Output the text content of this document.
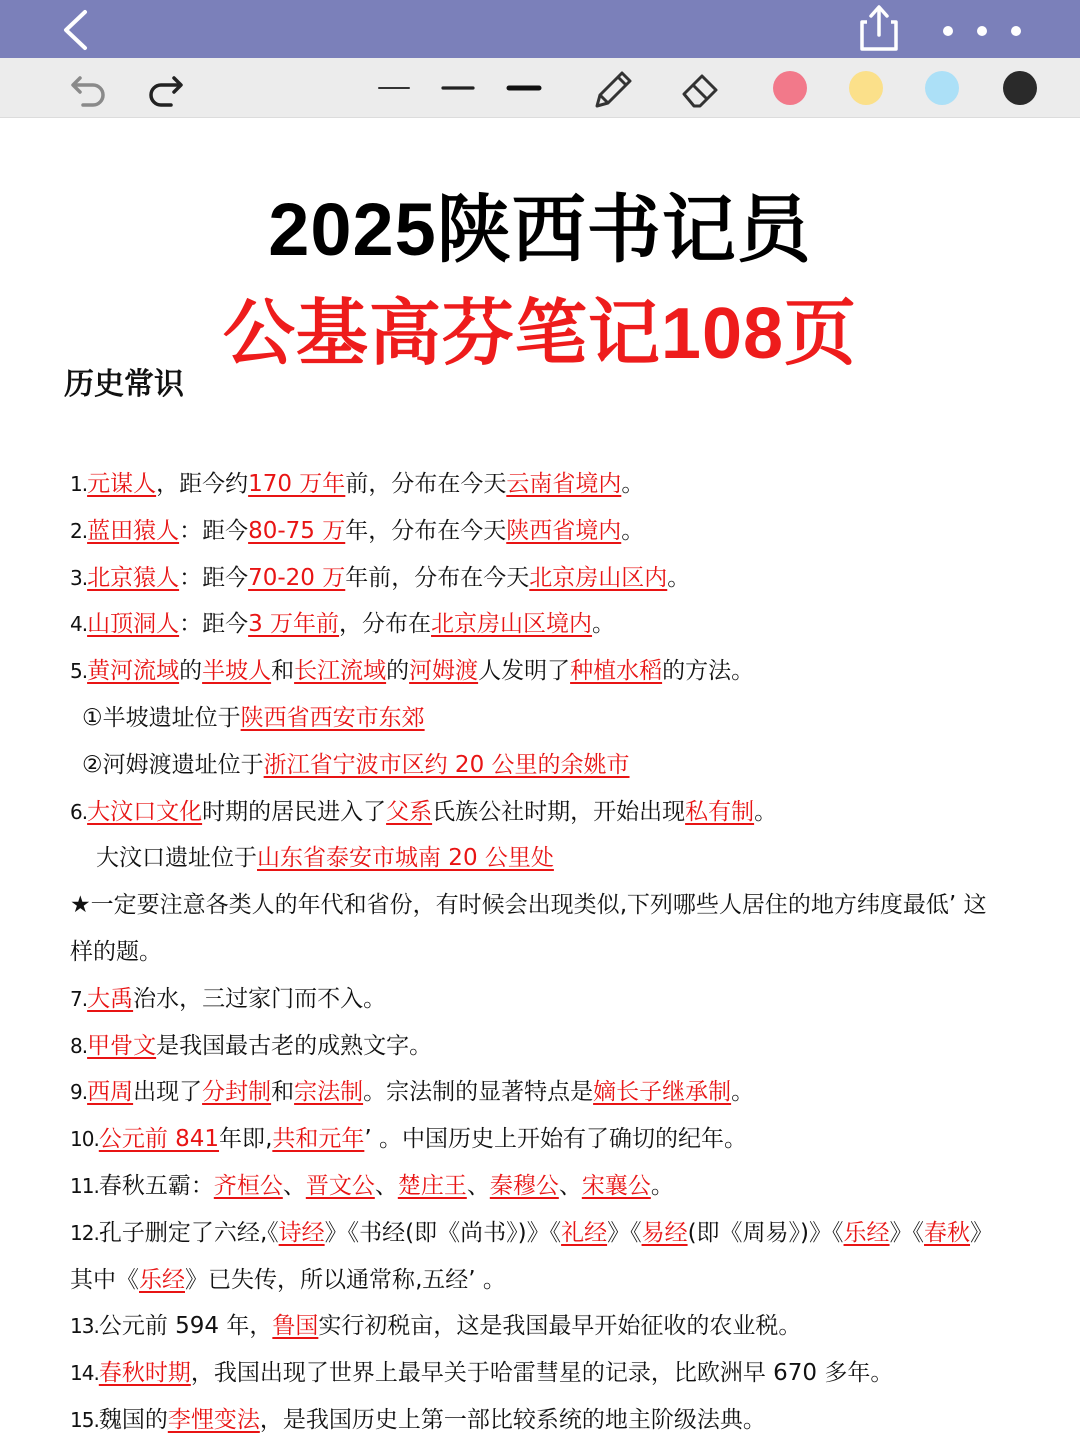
2025陕西书记员
公基高芬笔记108页
历史常识
1.元谋人，距今约170 万年前，分布在今天云南省境内。
2.蓝田猿人：距今80-75 万年，分布在今天陕西省境内。
3.北京猿人：距今70-20 万年前，分布在今天北京房山区内。
4.山顶洞人：距今3 万年前，分布在北京房山区境内。
5.黄河流域的半坡人和长江流域的河姆渡人发明了种植水稻的方法。
①半坡遗址位于陕西省西安市东郊
②河姆渡遗址位于浙江省宁波市区约 20 公里的余姚市
6.大汶口文化时期的居民进入了父系氏族公社时期，开始出现私有制。
大汶口遗址位于山东省泰安市城南 20 公里处
★一定要注意各类人的年代和省份，有时候会出现类似‚下列哪些人居住的地方纬度最低’ 这
样的题。
7.大禹治水，三过家门而不入。
8.甲骨文是我国最古老的成熟文字。
9.西周出现了分封制和宗法制。宗法制的显著特点是嫡长子继承制。
10.公元前 841年即‚共和元年’ 。中国历史上开始有了确切的纪年。
11.春秋五霸：齐桓公、晋文公、楚庄王、秦穆公、宋襄公。
12.孔子删定了六经‚《诗经》《书经(即《尚书》)》《礼经》《易经(即《周易》)》《乐经》《春秋》
其中《乐经》已失传，所以通常称‚五经’ 。
13.公元前 594 年，鲁国实行初税亩，这是我国最早开始征收的农业税。
14.春秋时期，我国出现了世界上最早关于哈雷彗星的记录，比欧洲早 670 多年。
15.魏国的李悝变法，是我国历史上第一部比较系统的地主阶级法典。
